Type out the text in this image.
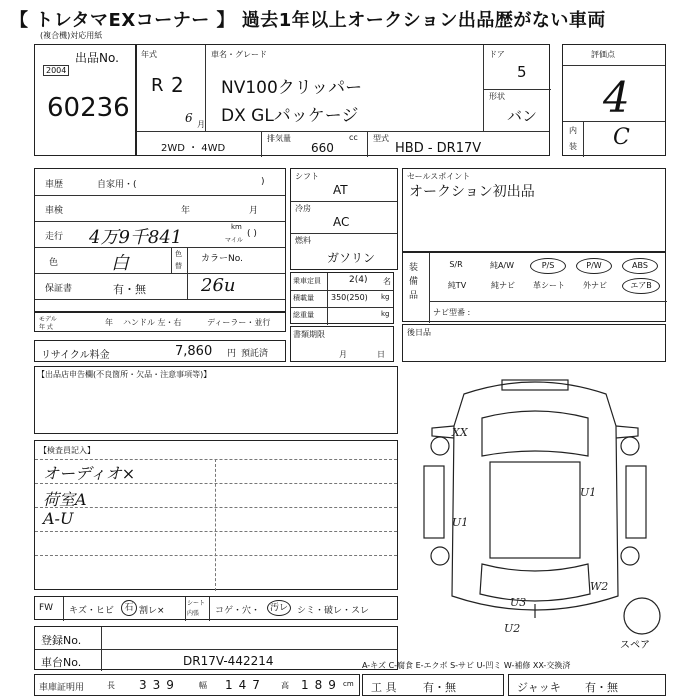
【 トレタマEXコーナー 】 過去1年以上オークション出品歴がない車両
(複合機)対応用紙
出品No.
2004
60236
年式
R 2
6 月
車名・グレード
NV100クリッパー
DX GLパッケージ
ドア
5
形状
バン
2WD ・ 4WD
排気量
660
cc 型式
HBD - DR17V
評価点
4
内
装 C
車歴	自家用・(	)
車検	年	月
走行 4万9千841	km
マイル
( )
色	白	色
替
カラーNo.
保証書	有・無	26u
モデル
年 式
年 ハンドル 左・右	ディーラー・並行
リサイクル料金	7,860 円 預託済
シフト
AT
冷房
AC
燃料
ガソリン
乗車定員	2(4) 名
積載量 350(250) kg
総重量	kg
書類期限
月	日
セールスポイント
オークション初出品
装備品
ナビ型番 :
S/R	純A/W	P/S	P/W	ABS
純TV	純ナビ	革シート	外ナビ	エアB
後日品
【出品店申告欄(不良箇所・欠品・注意事項等)】
【検査員記入】
オーディオ×
荷室A
A-U
XX
U1
U1
W2
U3
U2
スペア
FW キズ・ヒビ	石 割レ×
シート
内張 コゲ・穴・	汚レ	シミ・破レ・スレ
登録No.
車台No.	DR17V-442214	A-キズ C-腐食 E-エクボ S-サビ U-凹ミ W-補修 XX-交換済
車庫証明用	長 339 幅 147 高 189 cm 工 具 有・無	ジャッキ 有・無
